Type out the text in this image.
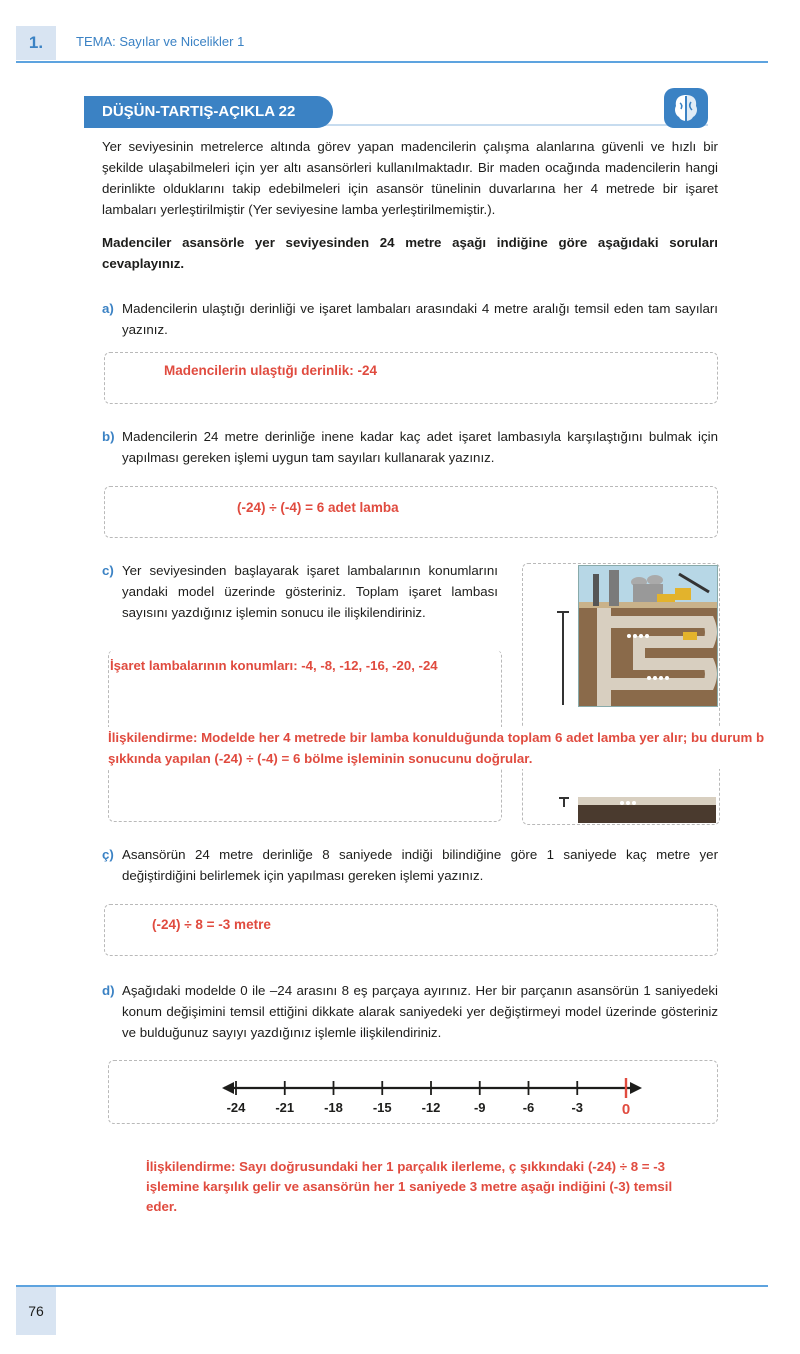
1.	TEMA: Sayılar ve Nicelikler 1
DÜŞÜN-TARTIŞ-AÇIKLA 22
Yer seviyesinin metrelerce altında görev yapan madencilerin çalışma alanlarına güvenli ve hızlı bir şekilde ulaşabilmeleri için yer altı asansörleri kullanılmaktadır. Bir maden ocağında madencilerin hangi derinlikte olduklarını takip edebilmeleri için asansör tünelinin duvarlarına her 4 metrede bir işaret lambaları yerleştirilmiştir (Yer seviyesine lamba yerleştirilmemiştir.).
Madenciler asansörle yer seviyesinden 24 metre aşağı indiğine göre aşağıdaki soruları cevaplayınız.
a) Madencilerin ulaştığı derinliği ve işaret lambaları arasındaki 4 metre aralığı temsil eden tam sayıları yazınız.
Madencilerin ulaştığı derinlik: -24
b) Madencilerin 24 metre derinliğe inene kadar kaç adet işaret lambasıyla karşılaştığını bulmak için yapılması gereken işlemi uygun tam sayıları kullanarak yazınız.
(-24) ÷ (-4) = 6 adet lamba
c) Yer seviyesinden başlayarak işaret lambalarının konumlarını yandaki model üzerinde gösteriniz. Toplam işaret lambası sayısını yazdığınız işlemin sonucu ile ilişkilendiriniz.
İşaret lambalarının konumları: -4, -8, -12, -16, -20, -24
İlişkilendirme: Modelde her 4 metrede bir lamba konulduğunda toplam 6 adet lamba yer alır; bu durum b şıkkında yapılan (-24) ÷ (-4) = 6 bölme işleminin sonucunu doğrular.
ç) Asansörün 24 metre derinliğe 8 saniyede indiği bilindiğine göre 1 saniyede kaç metre yer değiştirdiğini belirlemek için yapılması gereken işlemi yazınız.
(-24) ÷ 8 = -3 metre
d) Aşağıdaki modelde 0 ile –24 arasını 8 eş parçaya ayırınız. Her bir parçanın asansörün 1 saniyedeki konum değişimini temsil ettiğini dikkate alarak saniyedeki yer değiştirmeyi model üzerinde gösteriniz ve bulduğunuz sayıyı yazdığınız işlemle ilişkilendiriniz.
-24 -21 -18 -15 -12	-9	-6	-3	0
İlişkilendirme: Sayı doğrusundaki her 1 parçalık ilerleme, ç şıkkındaki (-24) ÷ 8 = -3 işlemine karşılık gelir ve asansörün her 1 saniyede 3 metre aşağı indiğini (-3) temsil eder.
76
